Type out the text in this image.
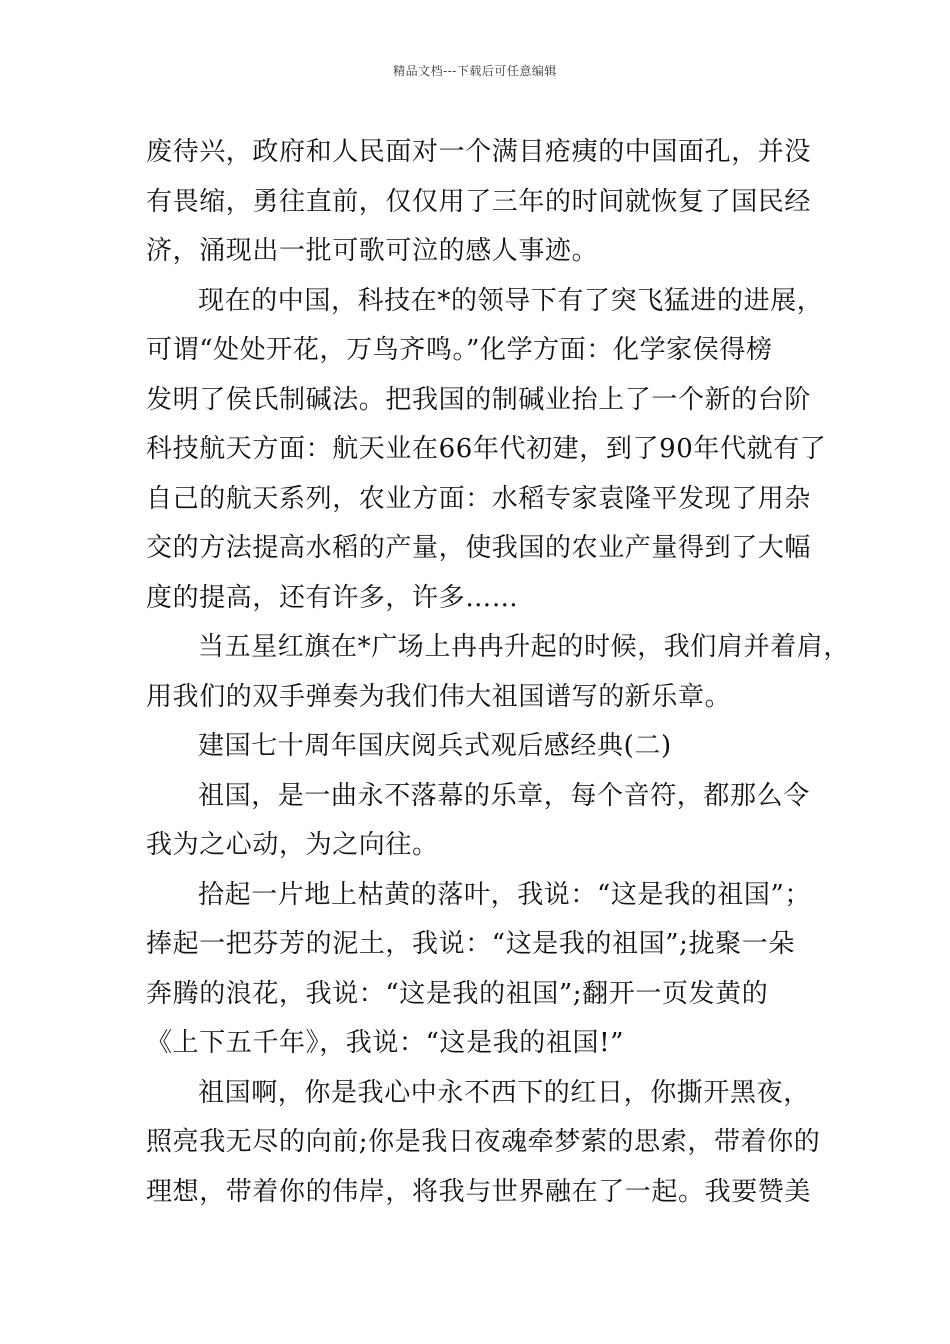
精品文档---下载后可任意编辑
废待兴，政府和人民面对一个满目疮痍的中国面孔，并没
有畏缩，勇往直前，仅仅用了三年的时间就恢复了国民经
济，涌现出一批可歌可泣的感人事迹。
现在的中国，科技在*的领导下有了突飞猛进的进展，
可谓“处处开花，万鸟齐鸣。”化学方面：化学家侯得榜
发明了侯氏制碱法。把我国的制碱业抬上了一个新的台阶
科技航天方面：航天业在66年代初建，到了90年代就有了
自己的航天系列，农业方面：水稻专家袁隆平发现了用杂
交的方法提高水稻的产量，使我国的农业产量得到了大幅
度的提高，还有许多，许多……
当五星红旗在*广场上冉冉升起的时候，我们肩并着肩，
用我们的双手弹奏为我们伟大祖国谱写的新乐章。
建国七十周年国庆阅兵式观后感经典(二)
祖国，是一曲永不落幕的乐章，每个音符，都那么令
我为之心动，为之向往。
拾起一片地上枯黄的落叶，我说：“这是我的祖国”；
捧起一把芬芳的泥土，我说：“这是我的祖国”;拢聚一朵
奔腾的浪花，我说：“这是我的祖国”;翻开一页发黄的
《上下五千年》，我说：“这是我的祖国!”
祖国啊，你是我心中永不西下的红日，你撕开黑夜，
照亮我无尽的向前;你是我日夜魂牵梦萦的思索，带着你的
理想，带着你的伟岸，将我与世界融在了一起。我要赞美
